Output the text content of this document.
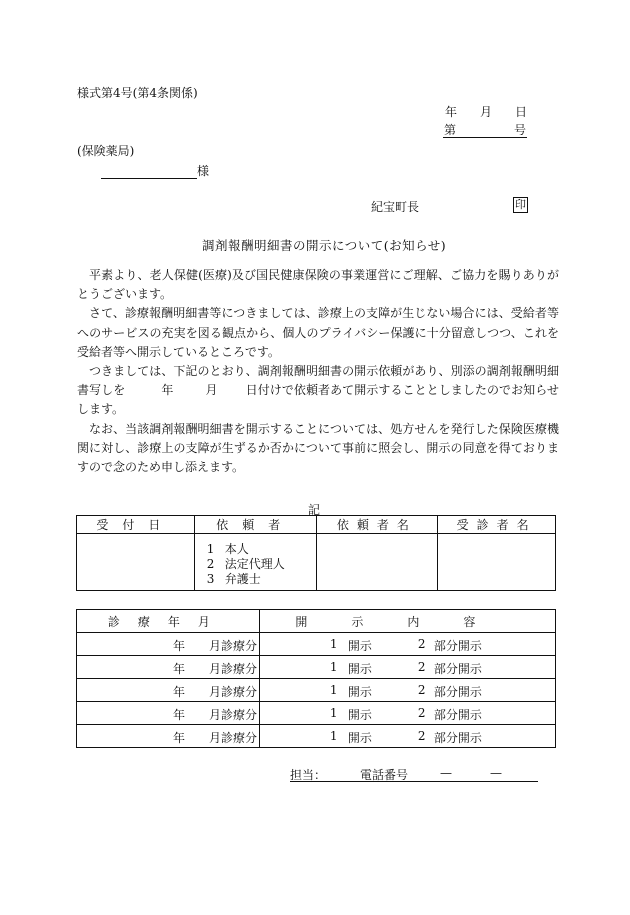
様式第4号(第4条関係)
年 月 日
第	号
(保険薬局)
様
紀宝町長	印
調剤報酬明細書の開示について(お知らせ)

平素より、老人保健(医療)及び国民健康保険の事業運営にご理解、ご協力を賜りありがとうございます。

さて、診療報酬明細書等につきましては、診療上の支障が生じない場合には、受給者等へのサービスの充実を図る観点から、個人のプライバシー保護に十分留意しつつ、これを受給者等へ開示しているところです。

つきましては、下記のとおり、調剤報酬明細書の開示依頼があり、別添の調剤報酬明細書写しを	年	月 日付けで依頼者あて開示することとしましたのでお知らせします。

なお、当該調剤報酬明細書を開示することについては、処方せんを発行した保険医療機関に対し、診療上の支障が生ずるか否かについて事前に照会し、開示の同意を得ておりますので念のため申し添えます。

記
受付日	依頼者	依頼者名	受診者名

	1 本人
2 法定代理人
3 弁護士		

診療年月	開示内容

年 月診療分	1 開示 2 部分開示

年 月診療分	1 開示 2 部分開示

年 月診療分	1 開示 2 部分開示

年 月診療分	1 開示 2 部分開示

年 月診療分	1 開示 2 部分開示
担当：	電話番号	—	—
